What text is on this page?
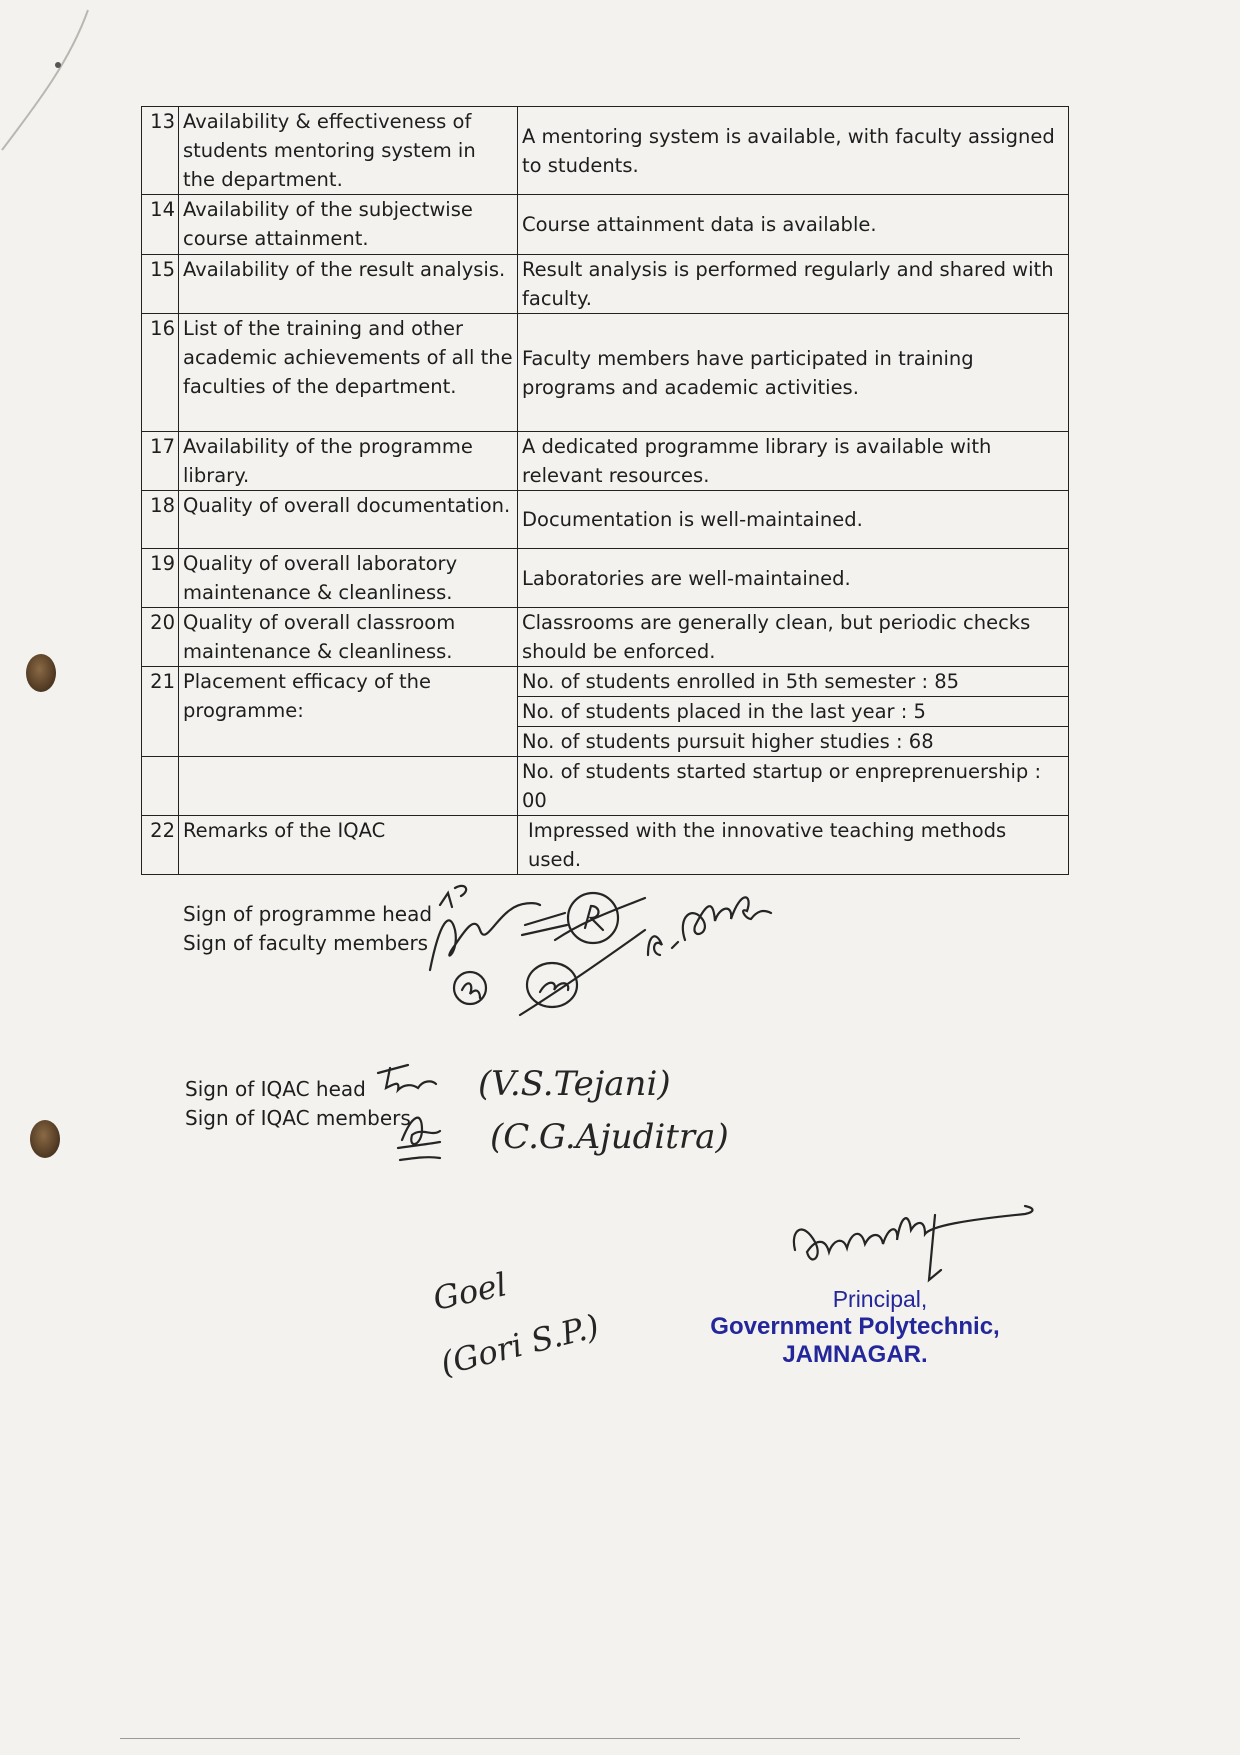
13	Availability & effectiveness of students mentoring system in the department.	A mentoring system is available, with faculty assigned to students.
14	Availability of the subjectwise course attainment.	Course attainment data is available.
15	Availability of the result analysis.	Result analysis is performed regularly and shared with faculty.
16	List of the training and other academic achievements of all the faculties of the department.	Faculty members have participated in training programs and academic activities.
17	Availability of the programme library.	A dedicated programme library is available with relevant resources.
18	Quality of overall documentation.	Documentation is well-maintained.
19	Quality of overall laboratory maintenance & cleanliness.	Laboratories are well-maintained.
20	Quality of overall classroom maintenance & cleanliness.	Classrooms are generally clean, but periodic checks should be enforced.
21	Placement efficacy of the programme:	No. of students enrolled in 5th semester : 85
No. of students placed in the last year : 5
No. of students pursuit higher studies : 68

		No. of students started startup or enpreprenuership : 00
22	Remarks of the IQAC	Impressed with the innovative teaching methods used.
Sign of programme head
Sign of faculty members
Sign of IQAC head
Sign of IQAC members
(V.S.Tejani)
(C.G.Ajuditra)
Goel
(Gori S.P.)
Principal,
Government Polytechnic,
JAMNAGAR.
